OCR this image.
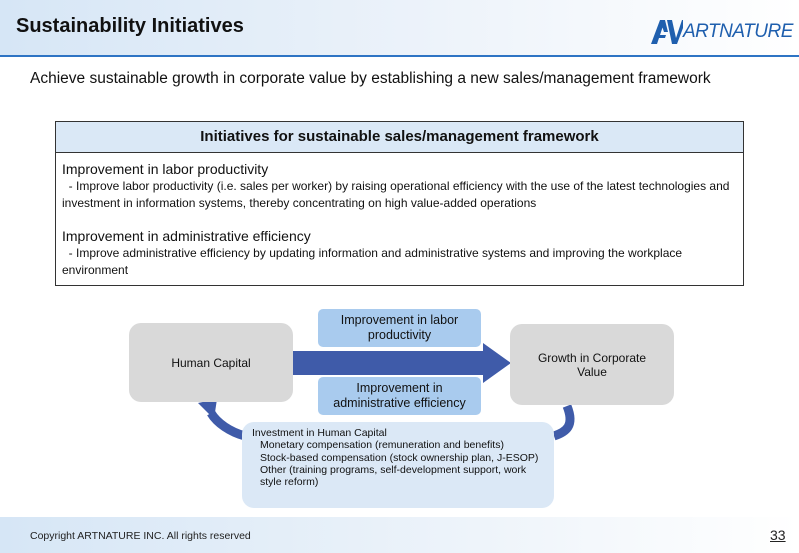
Sustainability Initiatives	ARTNATURE
Achieve sustainable growth in corporate value by establishing a new sales/management framework
Initiatives for sustainable sales/management framework
Improvement in labor productivity
- Improve labor productivity (i.e. sales per worker) by raising operational efficiency with the use of the latest technologies and investment in information systems, thereby concentrating on high value-added operations
Improvement in administrative efficiency
- Improve administrative efficiency by updating information and administrative systems and improving the workplace environment
Human Capital	Growth in Corporate Value
Improvement in labor productivity
Improvement in administrative efficiency
Investment in Human Capital
Monetary compensation (remuneration and benefits)
Stock-based compensation (stock ownership plan, J-ESOP)
Other (training programs, self-development support, work style reform)
Copyright ARTNATURE INC. All rights reserved	33
